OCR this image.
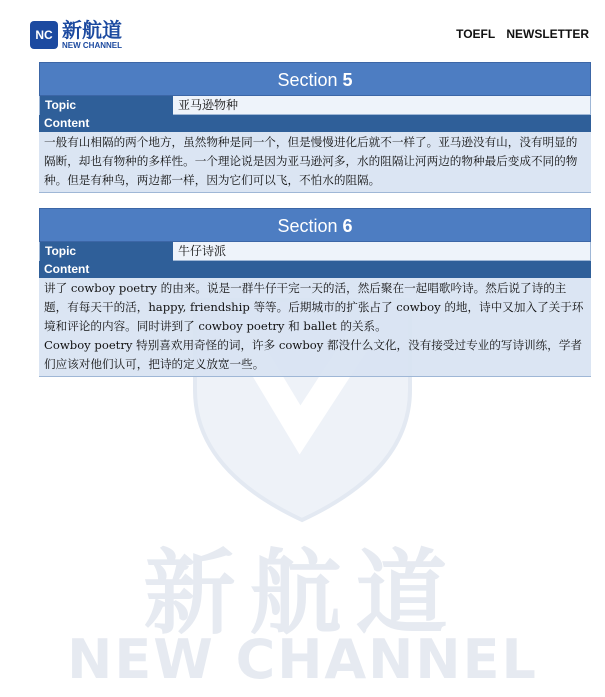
新航道
NEW CHANNEL
NC 新航道
NEW CHANNEL
TOEFL NEWSLETTER
Section 5
Topic	亚马逊物种
Content

一般有山相隔的两个地方，虽然物种是同一个，但是慢慢进化后就不一样了。亚马逊没有山，没有明显的隔断，却也有物种的多样性。一个理论说是因为亚马逊河多，水的阻隔让河两边的物种最后变成不同的物种。但是有种鸟，两边都一样，因为它们可以飞，不怕水的阻隔。

Section 6
Topic	牛仔诗派
Content

讲了 cowboy poetry 的由来。说是一群牛仔干完一天的活，然后聚在一起唱歌吟诗。然后说了诗的主题，有每天干的活，happy, friendship 等等。后期城市的扩张占了 cowboy 的地，诗中又加入了关于环境和评论的内容。同时讲到了 cowboy poetry 和 ballet 的关系。

Cowboy poetry 特别喜欢用奇怪的词，许多 cowboy 都没什么文化，没有接受过专业的写诗训练，学者们应该对他们认可，把诗的定义放宽一些。
